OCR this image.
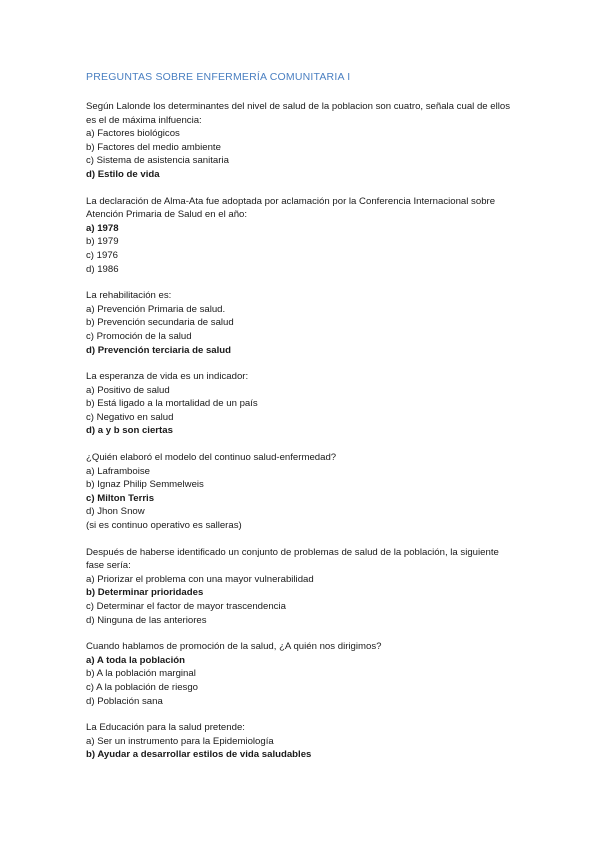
PREGUNTAS SOBRE ENFERMERÍA COMUNITARIA I

Según Lalonde los determinantes del nivel de salud de la poblacion son cuatro, señala cual de ellos es el de máxima inlfuencia:

a) Factores biológicos
b) Factores del medio ambiente
c) Sistema de asistencia sanitaria
d) Estilo de vida

La declaración de Alma-Ata fue adoptada por aclamación por la Conferencia Internacional sobre Atención Primaria de Salud en el año:

a) 1978
b) 1979
c) 1976
d) 1986

La rehabilitación es:

a) Prevención Primaria de salud.
b) Prevención secundaria de salud
c) Promoción de la salud
d) Prevención terciaria de salud

La esperanza de vida es un indicador:

a) Positivo de salud
b) Está ligado a la mortalidad de un país
c) Negativo en salud
d) a y b son ciertas

¿Quién elaboró el modelo del continuo salud-enfermedad?

a) Laframboise
b) Ignaz Philip Semmelweis
c) Milton Terris
d) Jhon Snow

(si es continuo operativo es salleras)

Después de haberse identificado un conjunto de problemas de salud de la población, la siguiente fase sería:

a) Priorizar el problema con una mayor vulnerabilidad
b) Determinar prioridades
c) Determinar el factor de mayor trascendencia
d) Ninguna de las anteriores

Cuando hablamos de promoción de la salud, ¿A quién nos dirigimos?

a) A toda la población
b) A la población marginal
c) A la población de riesgo
d) Población sana

La Educación para la salud pretende:

a) Ser un instrumento para la Epidemiología
b) Ayudar a desarrollar estilos de vida saludables
